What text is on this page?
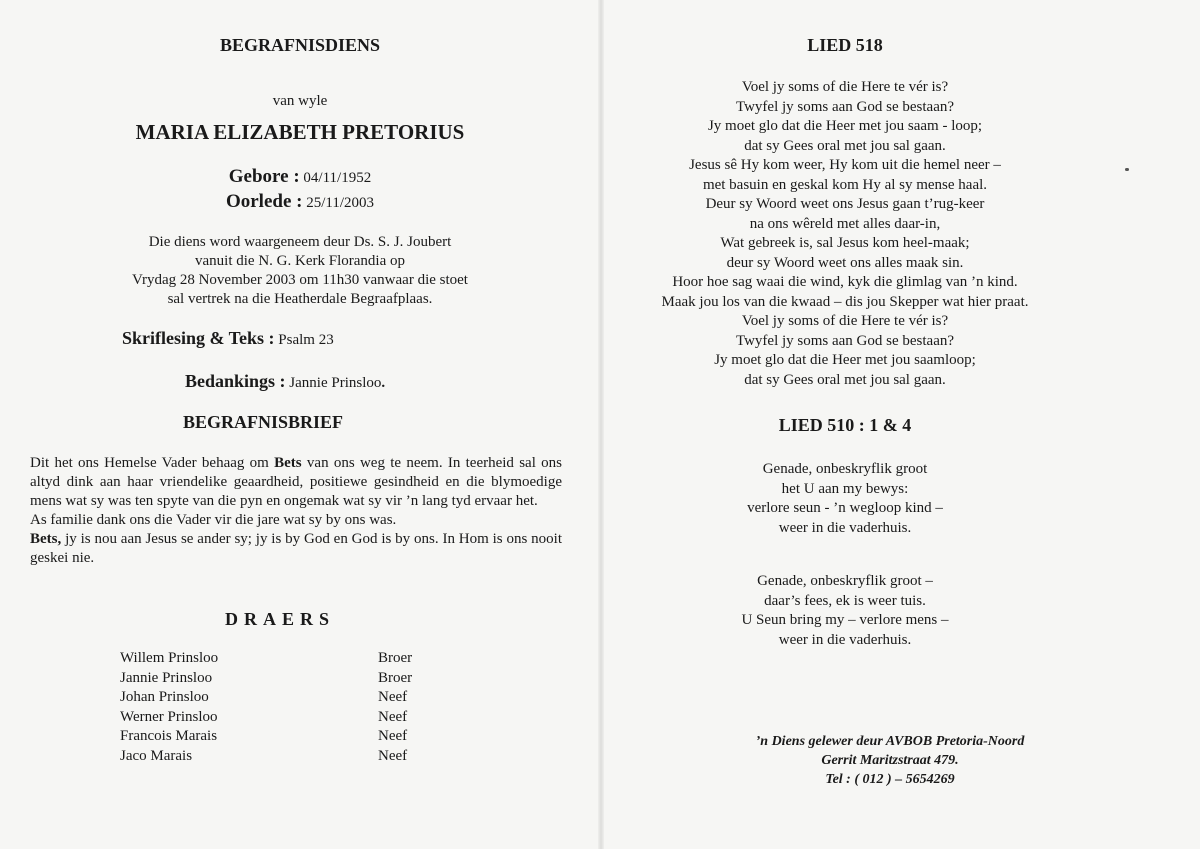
BEGRAFNISDIENS
van wyle
MARIA ELIZABETH PRETORIUS
Gebore : 04/11/1952
Oorlede : 25/11/2003
Die diens word waargeneem deur Ds. S. J. Joubert
vanuit die N. G. Kerk Florandia op
Vrydag 28 November 2003 om 11h30 vanwaar die stoet
sal vertrek na die Heatherdale Begraafplaas.
Skriflesing & Teks : Psalm 23
Bedankings : Jannie Prinsloo.
BEGRAFNISBRIEF

Dit het ons Hemelse Vader behaag om Bets van ons weg te neem. In teerheid sal ons altyd dink aan haar vriendelike geaardheid, positiewe gesindheid en die blymoedige mens wat sy was ten spyte van die pyn en ongemak wat sy vir ’n lang tyd ervaar het.

As familie dank ons die Vader vir die jare wat sy by ons was.

Bets, jy is nou aan Jesus se ander sy; jy is by God en God is by ons. In Hom is ons nooit geskei nie.

DRAERS
Willem Prinsloo	Broer
Jannie Prinsloo	Broer
Johan Prinsloo	Neef
Werner Prinsloo	Neef
Francois Marais	Neef
Jaco Marais	Neef
LIED 518
Voel jy soms of die Here te vér is?
Twyfel jy soms aan God se bestaan?
Jy moet glo dat die Heer met jou saam - loop;
dat sy Gees oral met jou sal gaan.
Jesus sê Hy kom weer, Hy kom uit die hemel neer –
met basuin en geskal kom Hy al sy mense haal.
Deur sy Woord weet ons Jesus gaan t’rug-keer
na ons wêreld met alles daar-in,
Wat gebreek is, sal Jesus kom heel-maak;
deur sy Woord weet ons alles maak sin.
Hoor hoe sag waai die wind, kyk die glimlag van ’n kind.
Maak jou los van die kwaad – dis jou Skepper wat hier praat.
Voel jy soms of die Here te vér is?
Twyfel jy soms aan God se bestaan?
Jy moet glo dat die Heer met jou saamloop;
dat sy Gees oral met jou sal gaan.
LIED 510 : 1 & 4
Genade, onbeskryflik groot
het U aan my bewys:
verlore seun - ’n wegloop kind –
weer in die vaderhuis.
Genade, onbeskryflik groot –
daar’s fees, ek is weer tuis.
U Seun bring my – verlore mens –
weer in die vaderhuis.
’n Diens gelewer deur AVBOB Pretoria-Noord
Gerrit Maritzstraat 479.
Tel : ( 012 ) – 5654269
